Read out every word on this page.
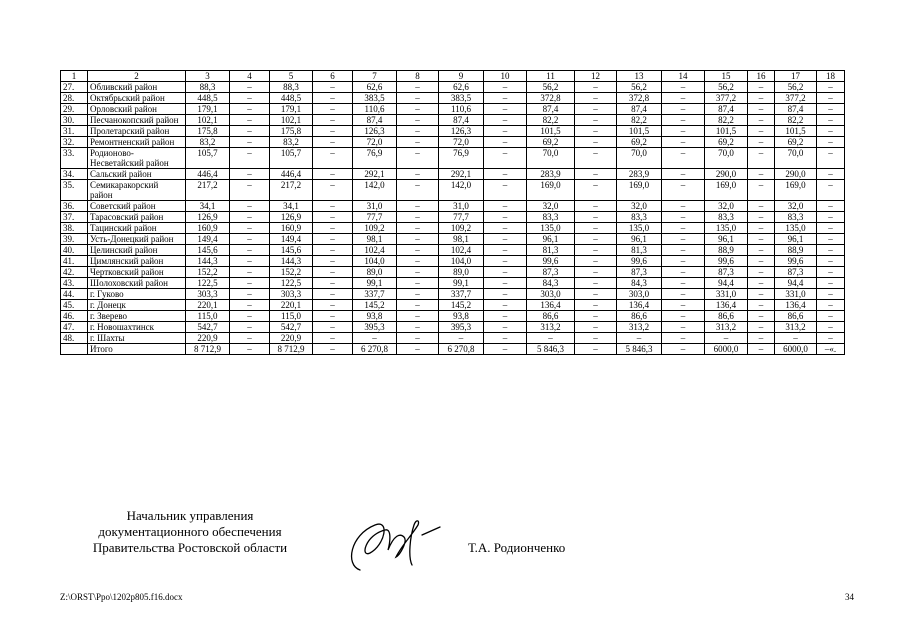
1	2	3	4	5	6	7	8	9	10	11	12	13	14	15	16	17	18
27.	Обливский район	88,3	–	88,3	–	62,6	–	62,6	–	56,2	–	56,2	–	56,2	–	56,2	–
28.	Октябрьский район	448,5	–	448,5	–	383,5	–	383,5	–	372,8	–	372,8	–	377,2	–	377,2	–
29.	Орловский район	179,1	–	179,1	–	110,6	–	110,6	–	87,4	–	87,4	–	87,4	–	87,4	–
30.	Песчанокопский район	102,1	–	102,1	–	87,4	–	87,4	–	82,2	–	82,2	–	82,2	–	82,2	–
31.	Пролетарский район	175,8	–	175,8	–	126,3	–	126,3	–	101,5	–	101,5	–	101,5	–	101,5	–
32.	Ремонтненский район	83,2	–	83,2	–	72,0	–	72,0	–	69,2	–	69,2	–	69,2	–	69,2	–
33.	Родионово-Несветайский район	105,7	–	105,7	–	76,9	–	76,9	–	70,0	–	70,0	–	70,0	–	70,0	–
34.	Сальский район	446,4	–	446,4	–	292,1	–	292,1	–	283,9	–	283,9	–	290,0	–	290,0	–
35.	Семикаракорский район	217,2	–	217,2	–	142,0	–	142,0	–	169,0	–	169,0	–	169,0	–	169,0	–
36.	Советский район	34,1	–	34,1	–	31,0	–	31,0	–	32,0	–	32,0	–	32,0	–	32,0	–
37.	Тарасовский район	126,9	–	126,9	–	77,7	–	77,7	–	83,3	–	83,3	–	83,3	–	83,3	–
38.	Тацинский район	160,9	–	160,9	–	109,2	–	109,2	–	135,0	–	135,0	–	135,0	–	135,0	–
39.	Усть-Донецкий район	149,4	–	149,4	–	98,1	–	98,1	–	96,1	–	96,1	–	96,1	–	96,1	–
40.	Целинский район	145,6	–	145,6	–	102,4	–	102,4	–	81,3	–	81,3	–	88,9	–	88,9	–
41.	Цимлянский район	144,3	–	144,3	–	104,0	–	104,0	–	99,6	–	99,6	–	99,6	–	99,6	–
42.	Чертковский район	152,2	–	152,2	–	89,0	–	89,0	–	87,3	–	87,3	–	87,3	–	87,3	–
43.	Шолоховский район	122,5	–	122,5	–	99,1	–	99,1	–	84,3	–	84,3	–	94,4	–	94,4	–
44.	г. Гуково	303,3	–	303,3	–	337,7	–	337,7	–	303,0	–	303,0	–	331,0	–	331,0	–
45.	г. Донецк	220,1	–	220,1	–	145,2	–	145,2	–	136,4	–	136,4	–	136,4	–	136,4	–
46.	г. Зверево	115,0	–	115,0	–	93,8	–	93,8	–	86,6	–	86,6	–	86,6	–	86,6	–
47.	г. Новошахтинск	542,7	–	542,7	–	395,3	–	395,3	–	313,2	–	313,2	–	313,2	–	313,2	–
48.	г. Шахты	220,9	–	220,9	–	–	–	–	–	–	–	–	–	–	–	–	–
	Итого	8 712,9	–	8 712,9	–	6 270,8	–	6 270,8	–	5 846,3	–	5 846,3	–	6000,0	–	6000,0	–«.
Начальник управления
документационного обеспечения
Правительства Ростовской области	Т.А. Родионченко
Z:\ORST\Ppo\1202p805.f16.docx	34
